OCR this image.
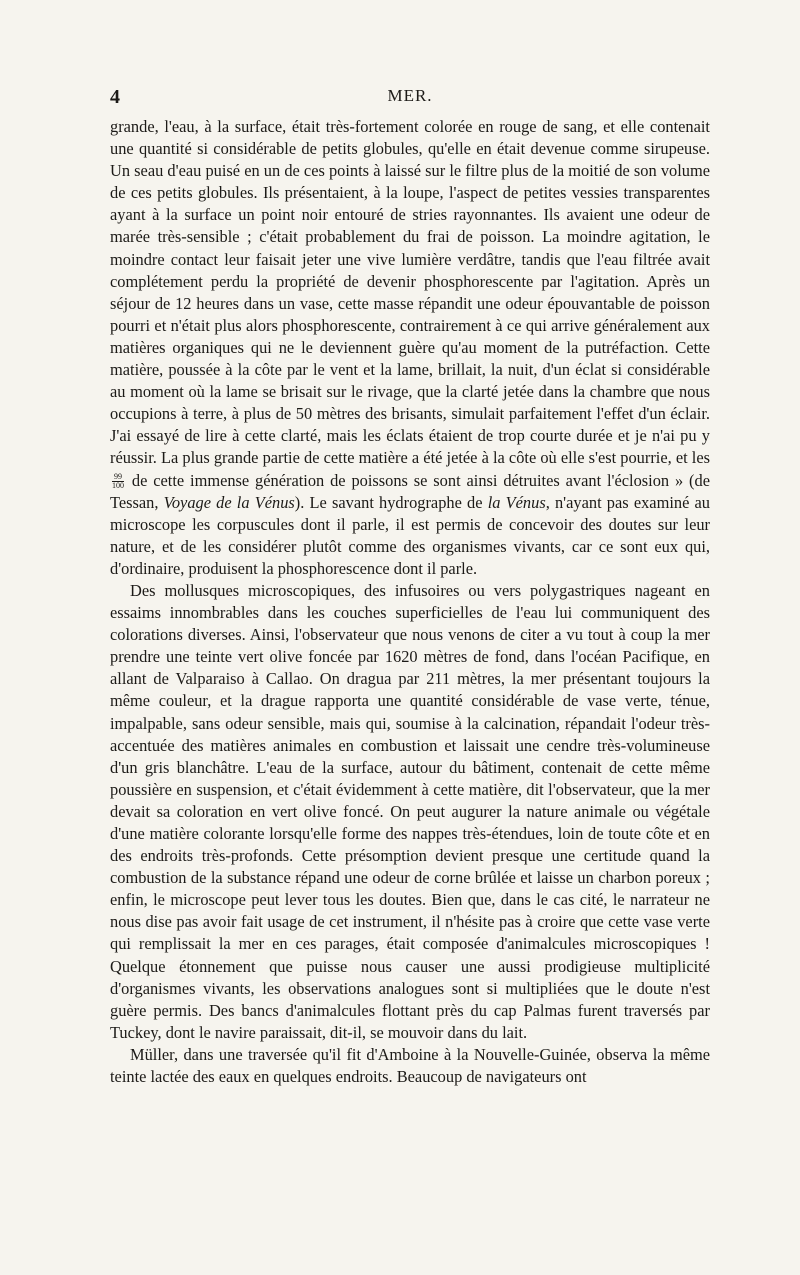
4	MER.

grande, l'eau, à la surface, était très-fortement colorée en rouge de sang, et elle contenait une quantité si considérable de petits globules, qu'elle en était devenue comme sirupeuse. Un seau d'eau puisé en un de ces points à laissé sur le filtre plus de la moitié de son volume de ces petits globules. Ils présentaient, à la loupe, l'aspect de petites vessies transparentes ayant à la surface un point noir entouré de stries rayonnantes. Ils avaient une odeur de marée très-sensible ; c'était probablement du frai de poisson. La moindre agitation, le moindre contact leur faisait jeter une vive lumière verdâtre, tandis que l'eau filtrée avait complétement perdu la propriété de devenir phosphorescente par l'agitation. Après un séjour de 12 heures dans un vase, cette masse répandit une odeur épouvantable de poisson pourri et n'était plus alors phosphorescente, contrairement à ce qui arrive généralement aux matières organiques qui ne le deviennent guère qu'au moment de la putréfaction. Cette matière, poussée à la côte par le vent et la lame, brillait, la nuit, d'un éclat si considérable au moment où la lame se brisait sur le rivage, que la clarté jetée dans la chambre que nous occupions à terre, à plus de 50 mètres des brisants, simulait parfaitement l'effet d'un éclair. J'ai essayé de lire à cette clarté, mais les éclats étaient de trop courte durée et je n'ai pu y réussir. La plus grande partie de cette matière a été jetée à la côte où elle s'est pourrie, et les
$\frac{99}{100}$ de cette immense génération de poissons se sont ainsi détruites avant l'éclosion » (de Tessan, Voyage de la Vénus). Le savant hydrographe de la Vénus, n'ayant pas examiné au microscope les corpuscules dont il parle, il est permis de concevoir des doutes sur leur nature, et de les considérer plutôt comme des organismes vivants, car ce sont eux qui, d'ordinaire, produisent la phosphorescence dont il parle.

Des mollusques microscopiques, des infusoires ou vers polygastriques nageant en essaims innombrables dans les couches superficielles de l'eau lui communiquent des colorations diverses. Ainsi, l'observateur que nous venons de citer a vu tout à coup la mer prendre une teinte vert olive foncée par 1620 mètres de fond, dans l'océan Pacifique, en allant de Valparaiso à Callao. On dragua par 211 mètres, la mer présentant toujours la même couleur, et la drague rapporta une quantité considérable de vase verte, ténue, impalpable, sans odeur sensible, mais qui, soumise à la calcination, répandait l'odeur très-accentuée des matières animales en combustion et laissait une cendre très-volumineuse d'un gris blanchâtre. L'eau de la surface, autour du bâtiment, contenait de cette même poussière en suspension, et c'était évidemment à cette matière, dit l'observateur, que la mer devait sa coloration en vert olive foncé. On peut augurer la nature animale ou végétale d'une matière colorante lorsqu'elle forme des nappes très-étendues, loin de toute côte et en des endroits très-profonds. Cette présomption devient presque une certitude quand la combustion de la substance répand une odeur de corne brûlée et laisse un charbon poreux ; enfin, le microscope peut lever tous les doutes. Bien que, dans le cas cité, le narrateur ne nous dise pas avoir fait usage de cet instrument, il n'hésite pas à croire que cette vase verte qui remplissait la mer en ces parages, était composée d'animalcules microscopiques ! Quelque étonnement que puisse nous causer une aussi prodigieuse multiplicité d'organismes vivants, les observations analogues sont si multipliées que le doute n'est guère permis. Des bancs d'animalcules flottant près du cap Palmas furent traversés par Tuckey, dont le navire paraissait, dit-il, se mouvoir dans du lait.

Müller, dans une traversée qu'il fit d'Amboine à la Nouvelle-Guinée, observa la même teinte lactée des eaux en quelques endroits. Beaucoup de navigateurs ont
